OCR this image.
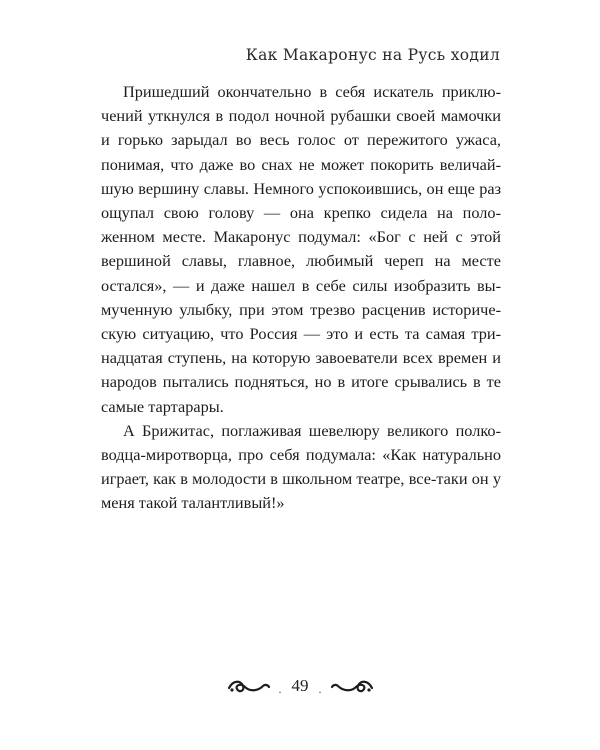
Как Макаронус на Русь ходил

Пришедший окончательно в себя искатель приключений уткнулся в подол ночной рубашки своей мамочки и горько зарыдал во весь голос от пережитого ужаса, понимая, что даже во снах не может покорить величайшую вершину славы. Немного успокоившись, он еще раз ощупал свою голову — она крепко сидела на положенном месте. Макаронус подумал: «Бог с ней с этой вершиной славы, главное, любимый череп на месте остался», — и даже нашел в себе силы изобразить вымученную улыбку, при этом трезво расценив историческую ситуацию, что Россия — это и есть та самая тринадцатая ступень, на которую завоеватели всех времен и народов пытались подняться, но в итоге срывались в те самые тартарары.

А Брижитас, поглаживая шевелюру великого полководца-миротворца, про себя подумала: «Как натурально играет, как в молодости в школьном театре, все-таки он у меня такой талантливый!»

. 49 .
